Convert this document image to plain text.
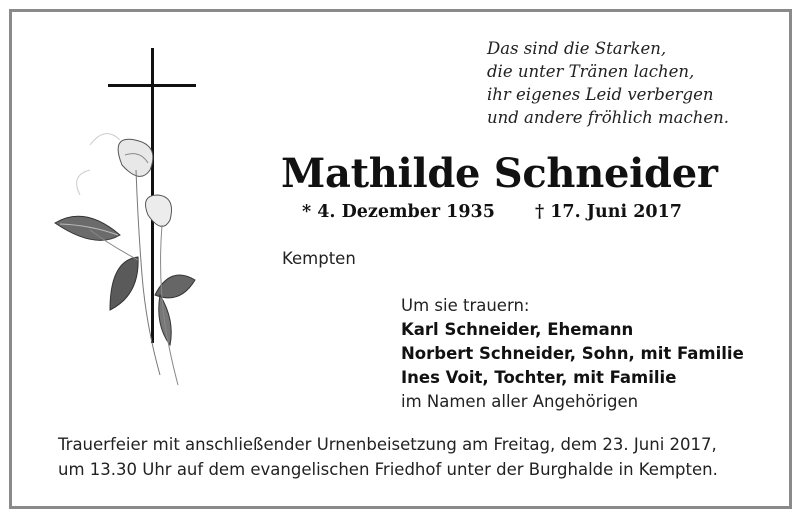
Das sind die Starken,
die unter Tränen lachen,
ihr eigenes Leid verbergen
und andere fröhlich machen.
Mathilde Schneider
* 4. Dezember 1935 † 17. Juni 2017
Kempten
Um sie trauern:
Karl Schneider, Ehemann
Norbert Schneider, Sohn, mit Familie
Ines Voit, Tochter, mit Familie
im Namen aller Angehörigen
Trauerfeier mit anschließender Urnenbeisetzung am Freitag, dem 23. Juni 2017,
um 13.30 Uhr auf dem evangelischen Friedhof unter der Burghalde in Kempten.
